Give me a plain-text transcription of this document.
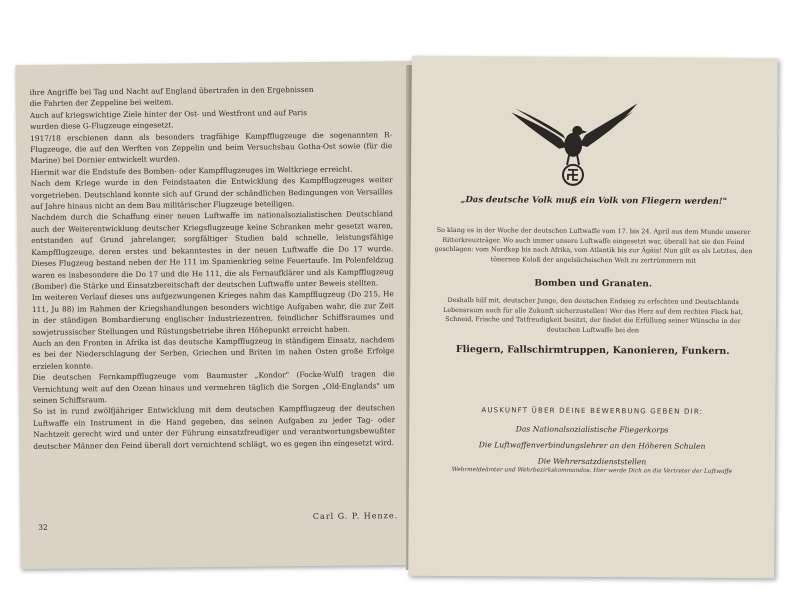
ihre Angriffe bei Tag und Nacht auf England übertrafen in den Ergebnissen

die Fahrten der Zeppeline bei weitem.

Auch auf kriegswichtige Ziele hinter der Ost- und Westfront und auf Paris

wurden diese G-Flugzeuge eingesetzt.

1917/18 erschienen dann als besonders tragfähige Kampfflugzeuge die sogenannten R-Flugzeuge, die auf den Werften von Zeppelin und beim Versuchsbau Gotha-Ost sowie (für die Marine) bei Dornier entwickelt wurden.

Hiermit war die Endstufe des Bomben- oder Kampfflugzeuges im Weltkriege erreicht.

Nach dem Kriege wurde in den Feindstaaten die Entwicklung des Kampfflugzeuges weiter vorgetrieben. Deutschland konnte sich auf Grund der schändlichen Bedingungen von Versailles auf Jahre hinaus nicht an dem Bau militärischer Flugzeuge beteiligen.

Nachdem durch die Schaffung einer neuen Luftwaffe im nationalsozialistischen Deutschland auch der Weiterentwicklung deutscher Kriegsflugzeuge keine Schranken mehr gesetzt waren, entstanden auf Grund jahrelanger, sorgfältiger Studien bald schnelle, leistungsfähige Kampfflugzeuge, deren erstes und bekanntestes in der neuen Luftwaffe die Do 17 wurde. Dieses Flugzeug bestand neben der He 111 im Spanienkrieg seine Feuertaufe. Im Polenfeldzug waren es insbesondere die Do 17 und die He 111, die als Fernaufklärer und als Kampfflugzeug (Bomber) die Stärke und Einsatzbereitschaft der deutschen Luftwaffe unter Beweis stellten.

Im weiteren Verlauf dieses uns aufgezwungenen Krieges nahm das Kampfflugzeug (Do 215, He 111, Ju 88) im Rahmen der Kriegshandlungen besonders wichtige Aufgaben wahr, die zur Zeit in der ständigen Bombardierung englischer Industriezentren, feindlicher Schiffsraumes und sowjetrussischer Stellungen und Rüstungsbetriebe ihren Höhepunkt erreicht haben.

Auch an den Fronten in Afrika ist das deutsche Kampfflugzeug in ständigem Einsatz, nachdem es bei der Niederschlagung der Serben, Griechen und Briten im nahen Osten große Erfolge erzielen konnte.

Die deutschen Fernkampfflugzeuge vom Baumuster „Kondor" (Focke-Wulf) tragen die Vernichtung weit auf den Ozean hinaus und vermehren täglich die Sorgen „Old-Englands" um seinen Schiffsraum.

So ist in rund zwölfjähriger Entwicklung mit dem deutschen Kampfflugzeug der deutschen Luftwaffe ein Instrument in die Hand gegeben, das seinen Aufgaben zu jeder Tag- oder Nachtzeit gerecht wird und unter der Führung einsatzfreudiger und verantwortungsbewußter deutscher Männer den Feind überall dort vernichtend schlägt, wo es gegen ihn eingesetzt wird.

32
Carl G. P. Henze.
„Das deutsche Volk muß ein Volk von Fliegern werden!"
So klang es in der Woche der deutschen Luftwaffe vom 17. bis 24. April aus dem Munde unserer Ritterkreuzträger. Wo auch immer unsere Luftwaffe eingesetzt war, überall hat sie den Feind geschlagen: vom Nordkap bis nach Afrika, vom Atlantik bis zur Ägäis! Nun gilt es als Letztes, den tönernen Koloß der angelsächsischen Welt zu zertrümmern mit
Bomben und Granaten.
Deshalb hilf mit, deutscher Junge, den deutschen Endsieg zu erfechten und Deutschlands Lebensraum auch für alle Zukunft sicherzustellen! Wer das Herz auf dem rechten Fleck hat, Schneid, Frische und Tatfreudigkeit besitzt, der findet die Erfüllung seiner Wünsche in der deutschen Luftwaffe bei den
Fliegern, Fallschirmtruppen, Kanonieren, Funkern.
AUSKUNFT ÜBER DEINE BEWERBUNG GEBEN DIR:
Das Nationalsozialistische Fliegerkorps
Die Luftwaffenverbindungslehrer an den Höheren Schulen
Die Wehrersatzdienststellen
Wehrmeldeämter und Wehrbezirkskommandos. Hier werde Dich an die Vertreter der Luftwaffe
